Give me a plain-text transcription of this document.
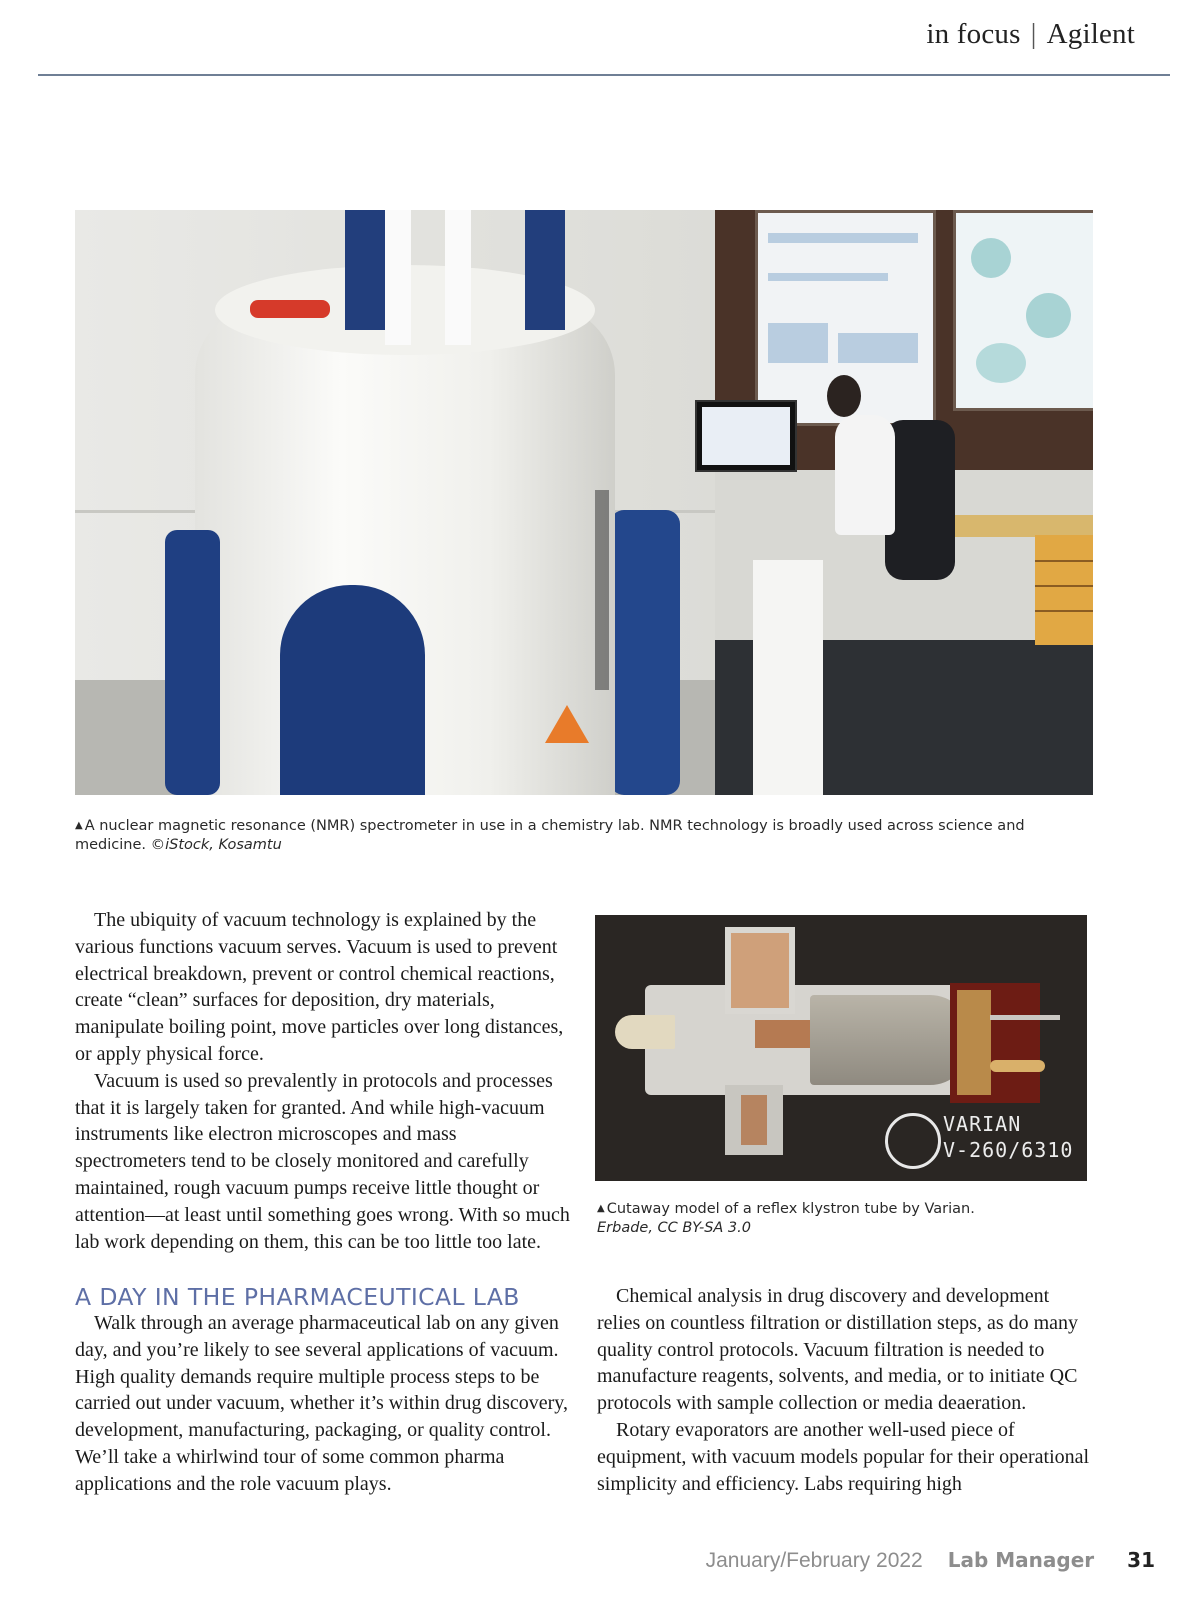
in focus | Agilent
▲ A nuclear magnetic resonance (NMR) spectrometer in use in a chemistry lab. NMR technology is broadly used across science and medicine. ©iStock, Kosamtu

The ubiquity of vacuum technology is explained by the various functions vacuum serves. Vacuum is used to prevent electrical breakdown, prevent or control chemical reactions, create “clean” surfaces for deposition, dry materials, manipulate boiling point, move particles over long distances, or apply physical force.

Vacuum is used so prevalently in protocols and processes that it is largely taken for granted. And while high-vacuum instruments like electron microscopes and mass spectrometers tend to be closely monitored and carefully maintained, rough vacuum pumps receive little thought or attention—at least until something goes wrong. With so much lab work depending on them, this can be too little too late.

A DAY IN THE PHARMACEUTICAL LAB

Walk through an average pharmaceutical lab on any given day, and you’re likely to see several applications of vacuum. High quality demands require multiple process steps to be carried out under vacuum, whether it’s within drug discovery, development, manufacturing, packaging, or quality control. We’ll take a whirlwind tour of some common pharma applications and the role vacuum plays.

VARIAN
V-260/6310
▲ Cutaway model of a reflex klystron tube by Varian.
Erbade, CC BY-SA 3.0

Chemical analysis in drug discovery and development relies on countless filtration or distillation steps, as do many quality control protocols. Vacuum filtration is needed to manufacture reagents, solvents, and media, or to initiate QC protocols with sample collection or media deaeration.

Rotary evaporators are another well-used piece of equipment, with vacuum models popular for their operational simplicity and efficiency. Labs requiring high

January/February 2022 Lab Manager 31
